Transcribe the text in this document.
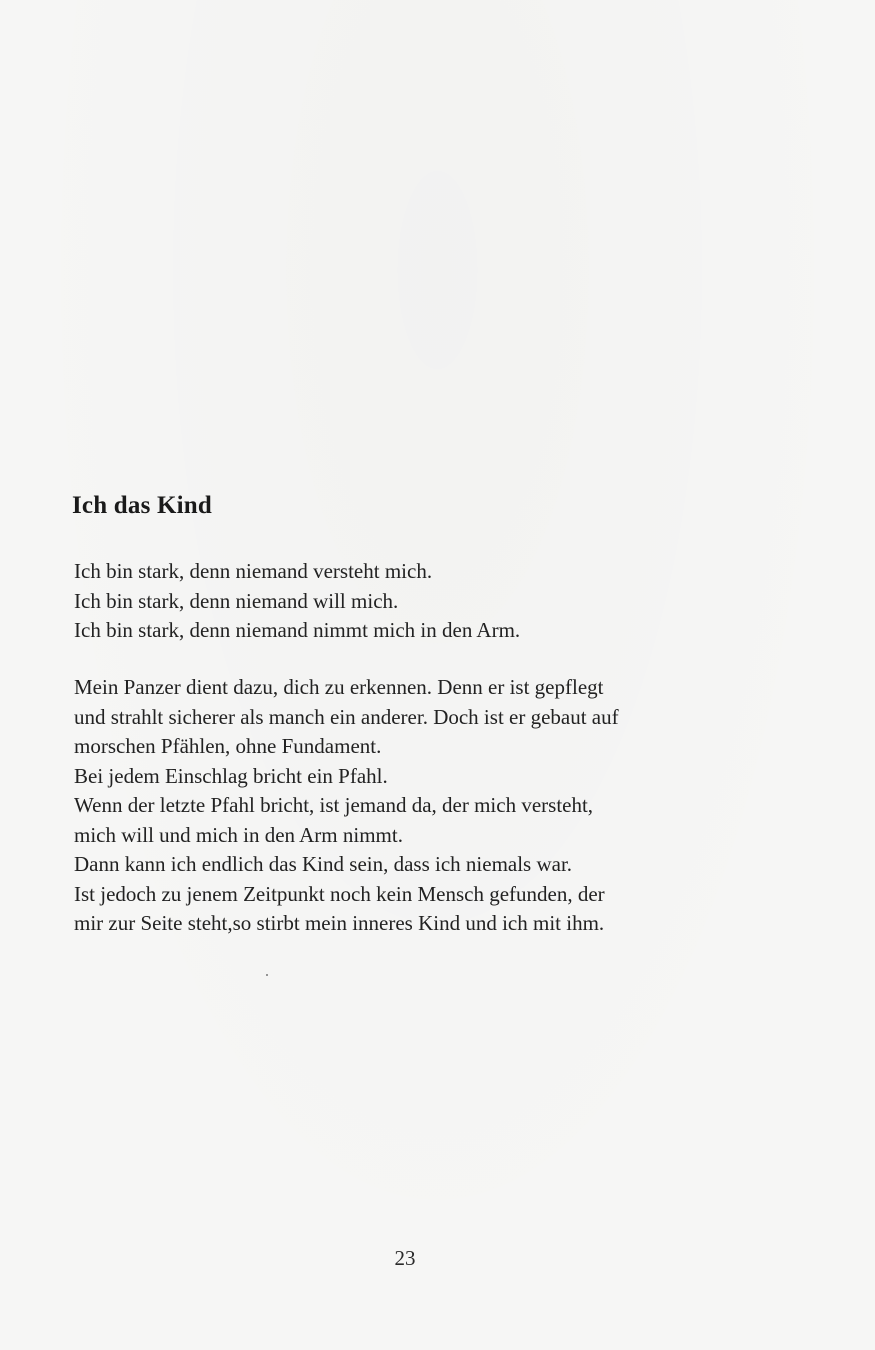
Ich das Kind

Ich bin stark, denn niemand versteht mich.
Ich bin stark, denn niemand will mich.
Ich bin stark, denn niemand nimmt mich in den Arm.

Mein Panzer dient dazu, dich zu erkennen. Denn er ist gepflegt
und strahlt sicherer als manch ein anderer. Doch ist er gebaut auf
morschen Pfählen, ohne Fundament.
Bei jedem Einschlag bricht ein Pfahl.
Wenn der letzte Pfahl bricht, ist jemand da, der mich versteht,
mich will und mich in den Arm nimmt.
Dann kann ich endlich das Kind sein, dass ich niemals war.
Ist jedoch zu jenem Zeitpunkt noch kein Mensch gefunden, der
mir zur Seite steht,so stirbt mein inneres Kind und ich mit ihm.

23
